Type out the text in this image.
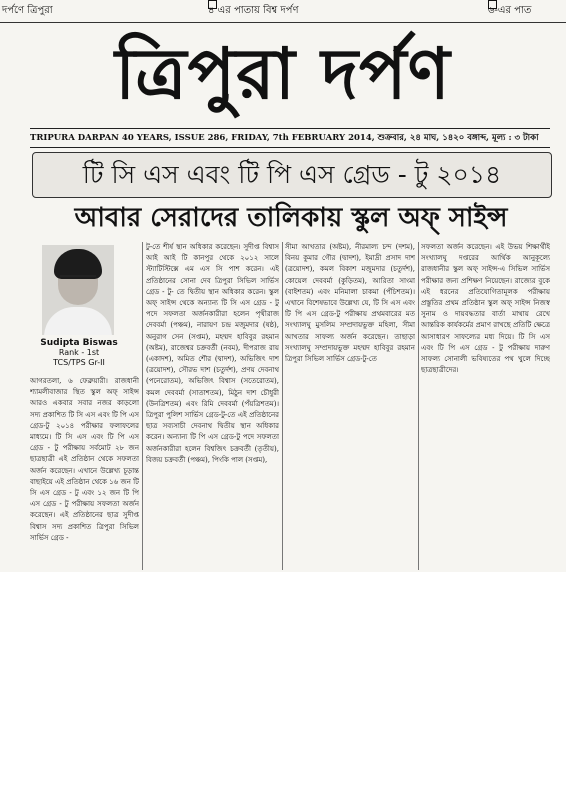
দর্পণে ত্রিপুরা	৪ এর পাতায় বিশ্ব দর্পণ	৬-এর পাত
ত্রিপুরা দর্পণ
TRIPURA DARPAN 40 YEARS, ISSUE 286, FRIDAY, 7th FEBRUARY 2014, শুক্রবার, ২৪ মাঘ, ১৪২০ বঙ্গাব্দ, মূল্য : ৩ টাকা
টি সি এস এবং টি পি এস গ্রেড - টু ২০১৪
আবার সেরাদের তালিকায় স্কুল অফ্ সাইন্স
Sudipta Biswas
Rank - 1st
TCS/TPS Gr-II
আগরতলা, ৬ ফেব্রুয়ারী। রাজধানী শ্যামলীবাজার স্থিত স্কুল অফ্ সাইন্স আরও একবার সবার নজর কাড়লো সদ্য প্রকাশিত টি সি এস এবং টি পি এস গ্রেড-টু ২০১৪ পরীক্ষার ফলাফলের মাধ্যমে। টি সি এস এবং টি পি এস গ্রেড - টু পরীক্ষায় সর্বমোট ২৮ জন ছাত্রছাত্রী এই প্রতিষ্ঠান থেকে সফলতা অর্জন করেছেন। এখানে উল্লেখ্য চূড়ান্ত বাছাইয়ে এই প্রতিষ্ঠান থেকে ১৬ জন টি সি এস গ্রেড - টু এবং ১২ জন টি পি এস গ্রেড - টু পরীক্ষায় সফলতা অর্জন করেছেন। এই প্রতিষ্ঠানের ছাত্র সুদীপ্ত বিশ্বাস সদ্য প্রকাশিত ত্রিপুরা সিভিল সার্ভিস গ্রেড -
টু-তে শীর্ষ স্থান অধিকার করেছেন। সুদীপ্ত বিশ্বাস আই আই টি কানপুর থেকে ২০১২ সালে স্ট্যাটিস্টিক্সে এম এস সি পাশ করেন। এই প্রতিষ্ঠানের সোনা দেব ত্রিপুরা সিভিল সার্ভিস গ্রেড - টু- তে দ্বিতীয় স্থান অধিকার করেন। স্কুল অফ্ সাইন্স থেকে অন্যান্য টি সি এস গ্রেড - টু পদে সফলতা অর্জনকারীরা হলেন পৃথীরাজ দেববর্মা (পঞ্চম), নারায়ণ চন্দ্র মজুমদার (ষষ্ঠ), অনুরাগ সেন (সপ্তম), মহম্মদ হাবিবুর রহমান (অষ্টম), রাজেশ্বর চক্রবর্তী (নবম), দীপরাজ রায় (একাদশ), অমিত শৌর (দ্বাদশ), অভিজিৎ দাশ (ত্রয়োদশ), সৌরভ দাশ (চতুর্দশ), প্রণয় দেবনাথ (পনেরোতম), অভিজিৎ বিশ্বাস (সতেরোতম), কমল দেববর্মা (সাতাশতম), মিঠুন দাশ চৌধুরী (উনত্রিশতম) এবং রিমি দেববর্মা (পঁয়ত্রিশতম)। ত্রিপুরা পুলিশ সার্ভিস গ্রেড-টু-তে এই প্রতিষ্ঠানের ছাত্র সব্যসাচী দেবনাথ দ্বিতীয় স্থান অধিকার করেন। অন্যান্য টি পি এস গ্রেড-টু পদে সফলতা অর্জনকারীরা হলেন বিশ্বজিৎ চক্রবর্তী (তৃতীয়), বিজয় চক্রবর্তী (পঞ্চম), পিংকি পাল (সপ্তম),
সীমা আখতার (অষ্টম), নীরমাল্য চন্দ (দশম), বিনয় কুমার গৌর (দ্বাদশ), ইমাদ্রী প্রসাদ দাশ (ত্রয়োদশ), কমল বিকাশ মজুমদার (চতুর্দশ), কোয়েল দেববর্মা (কুড়িতম), আরিতা সাংমা (বাইশতম) এবং মনিমালা চাকমা (পঁচিশতম)। এখানে বিশেষভাবে উল্লেখ্য যে, টি সি এস এবং টি পি এস গ্রেড-টু পরীক্ষায় প্রথমবারের মত সংখ্যালঘু মুসলিম সম্প্রদায়ভুক্ত মহিলা, সীমা আখতার সাফল্য অর্জন করেছেন। তাছাড়া সংখ্যালঘু সম্প্রদায়ভুক্ত মহম্মদ হাবিবুর রহমান ত্রিপুরা সিভিল সার্ভিস গ্রেড-টু-তে
সফলতা অর্জন করেছেন। এই উভয় শিক্ষার্থীই সংখ্যালঘু দপ্তরের আর্থিক আনুকূল্যে রাজধানীর স্কুল অফ্ সাইন্স-এ সিভিল সার্ভিস পরীক্ষার জন্য প্রশিক্ষণ নিয়েছেন। রাজ্যের বুকে এই ধরনের প্রতিযোগিতামূলক পরীক্ষায় প্রস্তুতির প্রথম প্রতিষ্ঠান স্কুল অফ্ সাইন্স নিজস্ব সুনাম ও দায়বদ্ধতার বার্তা মাথায় রেখে আন্তরিক কার্যকর্মের প্রমাণ রাখছে প্রতিটি ক্ষেত্রে আসাধারণ সাফল্যের মধ্য দিয়ে। টি সি এস এবং টি পি এস গ্রেড - টু পরীক্ষায় দারুণ সাফল্য সোনালী ভবিষ্যতের পথ খুলে দিচ্ছে ছাত্রছাত্রীদের।
